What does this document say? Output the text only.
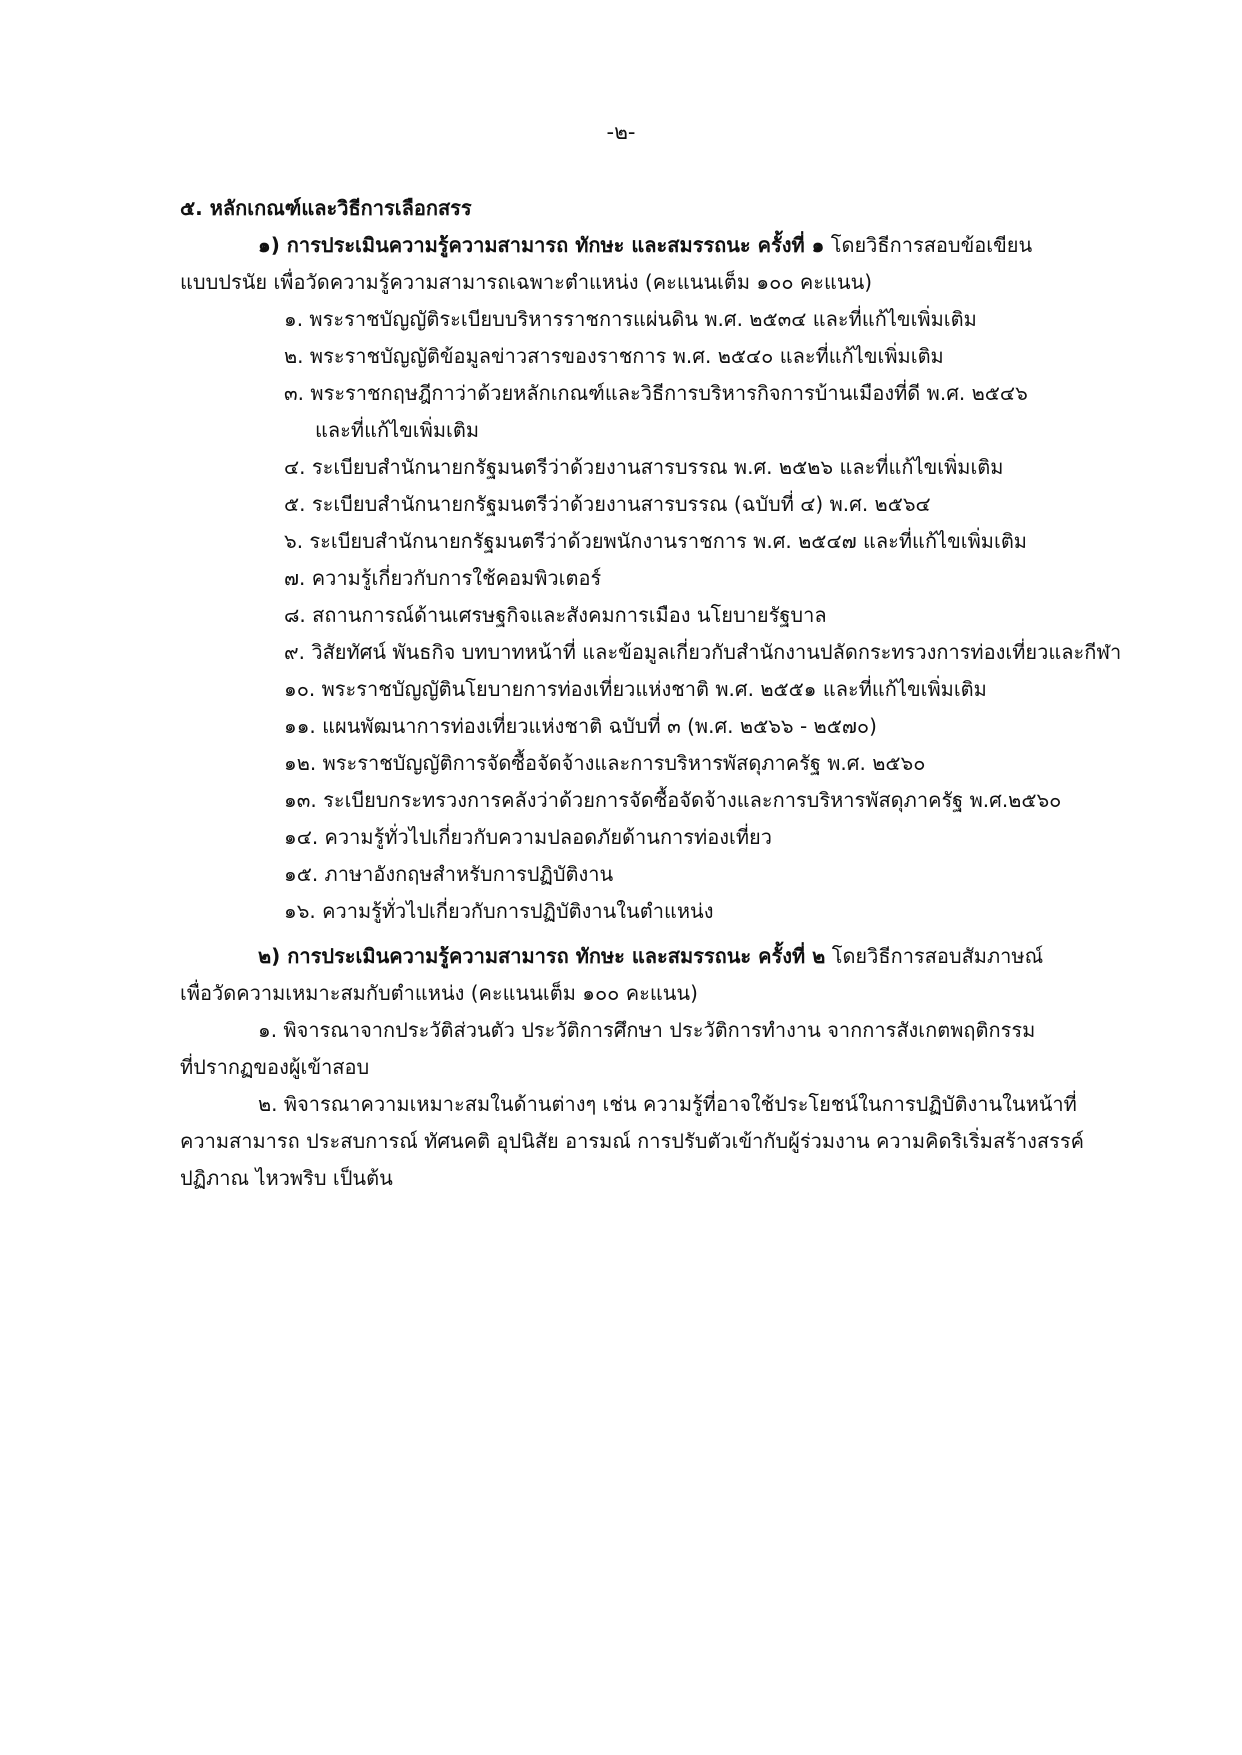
-๒-

๕. หลักเกณฑ์และวิธีการเลือกสรร

๑) การประเมินความรู้ความสามารถ ทักษะ และสมรรถนะ ครั้งที่ ๑ โดยวิธีการสอบข้อเขียน

แบบปรนัย เพื่อวัดความรู้ความสามารถเฉพาะตำแหน่ง (คะแนนเต็ม ๑๐๐ คะแนน)

๑. พระราชบัญญัติระเบียบบริหารราชการแผ่นดิน พ.ศ. ๒๕๓๔ และที่แก้ไขเพิ่มเติม
๒. พระราชบัญญัติข้อมูลข่าวสารของราชการ พ.ศ. ๒๕๔๐ และที่แก้ไขเพิ่มเติม
๓. พระราชกฤษฎีกาว่าด้วยหลักเกณฑ์และวิธีการบริหารกิจการบ้านเมืองที่ดี พ.ศ. ๒๕๔๖
และที่แก้ไขเพิ่มเติม
๔. ระเบียบสำนักนายกรัฐมนตรีว่าด้วยงานสารบรรณ พ.ศ. ๒๕๒๖ และที่แก้ไขเพิ่มเติม
๕. ระเบียบสำนักนายกรัฐมนตรีว่าด้วยงานสารบรรณ (ฉบับที่ ๔) พ.ศ. ๒๕๖๔
๖. ระเบียบสำนักนายกรัฐมนตรีว่าด้วยพนักงานราชการ พ.ศ. ๒๕๔๗ และที่แก้ไขเพิ่มเติม
๗. ความรู้เกี่ยวกับการใช้คอมพิวเตอร์
๘. สถานการณ์ด้านเศรษฐกิจและสังคมการเมือง นโยบายรัฐบาล
๙. วิสัยทัศน์ พันธกิจ บทบาทหน้าที่ และข้อมูลเกี่ยวกับสำนักงานปลัดกระทรวงการท่องเที่ยวและกีฬา
๑๐. พระราชบัญญัตินโยบายการท่องเที่ยวแห่งชาติ พ.ศ. ๒๕๕๑ และที่แก้ไขเพิ่มเติม
๑๑. แผนพัฒนาการท่องเที่ยวแห่งชาติ ฉบับที่ ๓ (พ.ศ. ๒๕๖๖ - ๒๕๗๐)
๑๒. พระราชบัญญัติการจัดซื้อจัดจ้างและการบริหารพัสดุภาครัฐ พ.ศ. ๒๕๖๐
๑๓. ระเบียบกระทรวงการคลังว่าด้วยการจัดซื้อจัดจ้างและการบริหารพัสดุภาครัฐ พ.ศ.๒๕๖๐
๑๔. ความรู้ทั่วไปเกี่ยวกับความปลอดภัยด้านการท่องเที่ยว
๑๕. ภาษาอังกฤษสำหรับการปฏิบัติงาน
๑๖. ความรู้ทั่วไปเกี่ยวกับการปฏิบัติงานในตำแหน่ง

๒) การประเมินความรู้ความสามารถ ทักษะ และสมรรถนะ ครั้งที่ ๒ โดยวิธีการสอบสัมภาษณ์

เพื่อวัดความเหมาะสมกับตำแหน่ง (คะแนนเต็ม ๑๐๐ คะแนน)

๑. พิจารณาจากประวัติส่วนตัว ประวัติการศึกษา ประวัติการทำงาน จากการสังเกตพฤติกรรม

ที่ปรากฏของผู้เข้าสอบ

๒. พิจารณาความเหมาะสมในด้านต่างๆ เช่น ความรู้ที่อาจใช้ประโยชน์ในการปฏิบัติงานในหน้าที่

ความสามารถ ประสบการณ์ ทัศนคติ อุปนิสัย อารมณ์ การปรับตัวเข้ากับผู้ร่วมงาน ความคิดริเริ่มสร้างสรรค์

ปฏิภาณ ไหวพริบ เป็นต้น
